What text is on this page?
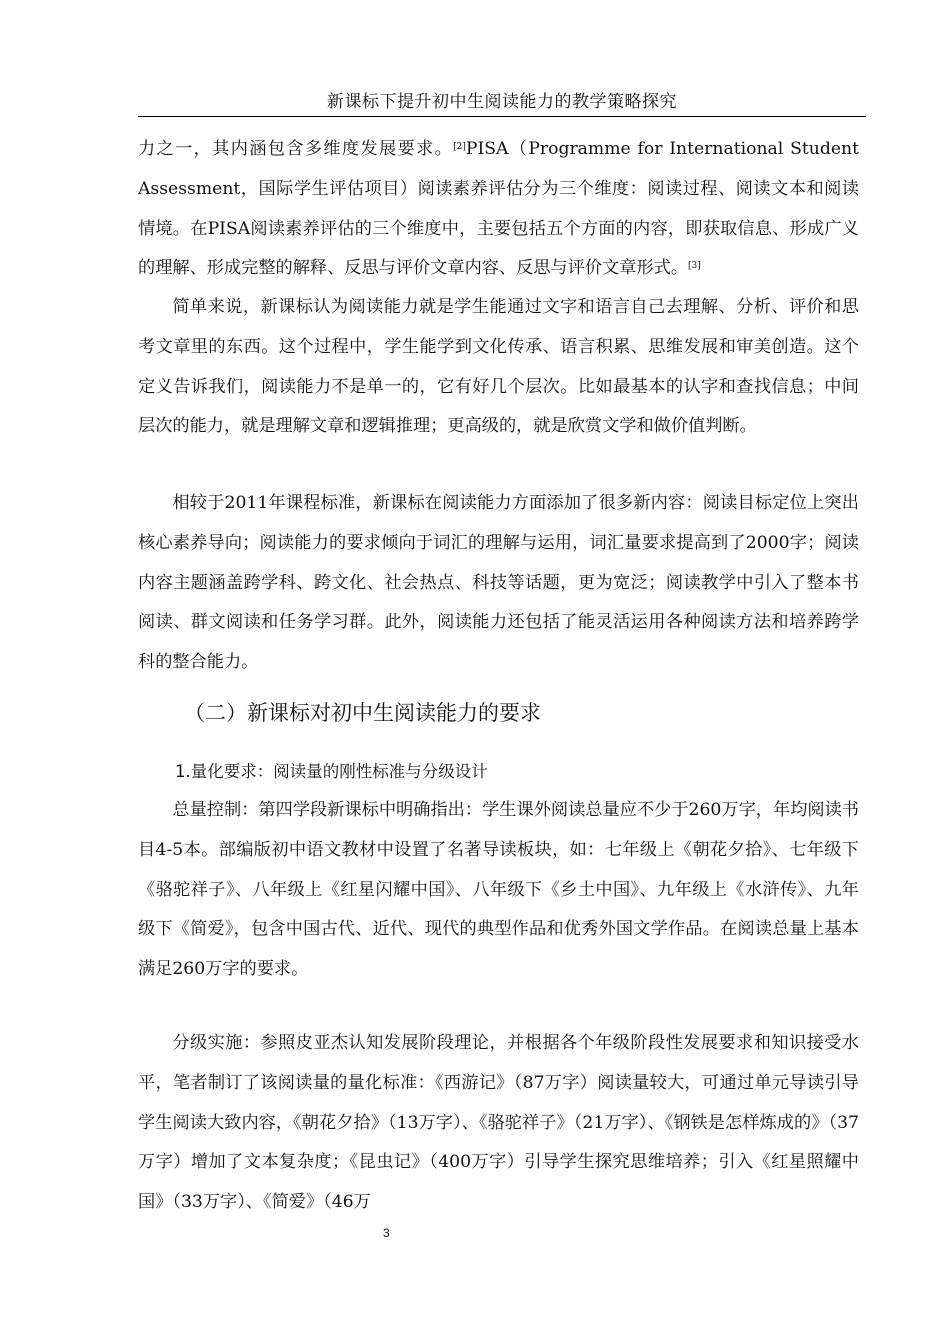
新课标下提升初中生阅读能力的教学策略探究

力之一，其内涵包含多维度发展要求。[2]PISA（Programme for International Student Assessment，国际学生评估项目）阅读素养评估分为三个维度：阅读过程、阅读文本和阅读情境。在PISA阅读素养评估的三个维度中，主要包括五个方面的内容，即获取信息、形成广义的理解、形成完整的解释、反思与评价文章内容、反思与评价文章形式。[3]

简单来说，新课标认为阅读能力就是学生能通过文字和语言自己去理解、分析、评价和思考文章里的东西。这个过程中，学生能学到文化传承、语言积累、思维发展和审美创造。这个定义告诉我们，阅读能力不是单一的，它有好几个层次。比如最基本的认字和查找信息；中间层次的能力，就是理解文章和逻辑推理；更高级的，就是欣赏文学和做价值判断。

相较于2011年课程标准，新课标在阅读能力方面添加了很多新内容：阅读目标定位上突出核心素养导向；阅读能力的要求倾向于词汇的理解与运用，词汇量要求提高到了2000字；阅读内容主题涵盖跨学科、跨文化、社会热点、科技等话题，更为宽泛；阅读教学中引入了整本书阅读、群文阅读和任务学习群。此外，阅读能力还包括了能灵活运用各种阅读方法和培养跨学科的整合能力。

（二）新课标对初中生阅读能力的要求
1.量化要求：阅读量的刚性标准与分级设计

总量控制：第四学段新课标中明确指出：学生课外阅读总量应不少于260万字，年均阅读书目4-5本。部编版初中语文教材中设置了名著导读板块，如：七年级上《朝花夕拾》、七年级下《骆驼祥子》、八年级上《红星闪耀中国》、八年级下《乡土中国》、九年级上《水浒传》、九年级下《简爱》，包含中国古代、近代、现代的典型作品和优秀外国文学作品。在阅读总量上基本满足260万字的要求。

分级实施：参照皮亚杰认知发展阶段理论，并根据各个年级阶段性发展要求和知识接受水平，笔者制订了该阅读量的量化标准：《西游记》（87万字）阅读量较大，可通过单元导读引导学生阅读大致内容，《朝花夕拾》（13万字）、《骆驼祥子》（21万字）、《钢铁是怎样炼成的》（37万字）增加了文本复杂度；《昆虫记》（400万字）引导学生探究思维培养；引入《红星照耀中国》（33万字）、《简爱》（46万

3
